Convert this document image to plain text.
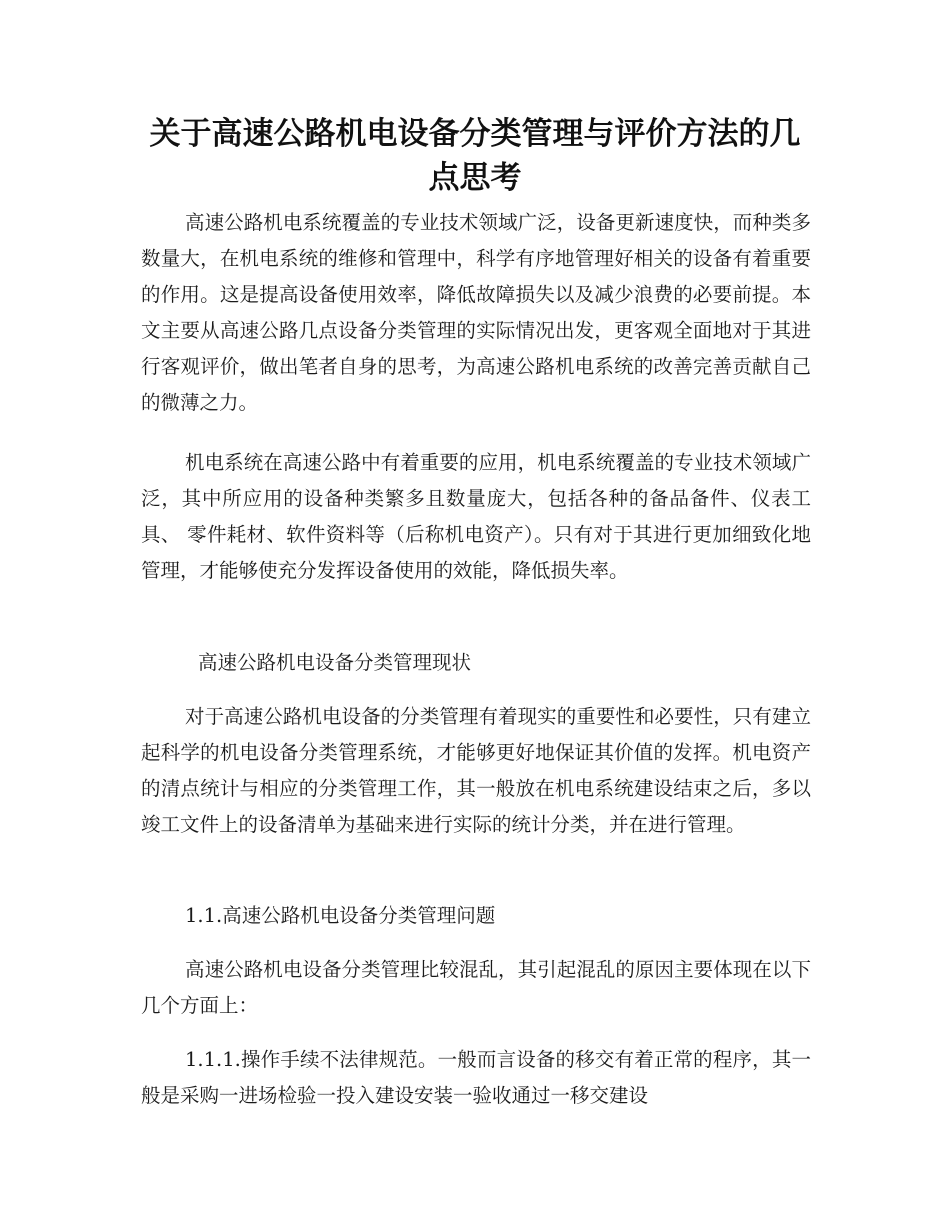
关于高速公路机电设备分类管理与评价方法的几点思考

高速公路机电系统覆盖的专业技术领域广泛，设备更新速度快，而种类多数量大，在机电系统的维修和管理中，科学有序地管理好相关的设备有着重要的作用。这是提高设备使用效率，降低故障损失以及减少浪费的必要前提。本文主要从高速公路几点设备分类管理的实际情况出发，更客观全面地对于其进行客观评价，做出笔者自身的思考，为高速公路机电系统的改善完善贡献自己的微薄之力。

机电系统在高速公路中有着重要的应用，机电系统覆盖的专业技术领域广泛，其中所应用的设备种类繁多且数量庞大，包括各种的备品备件、仪表工具、 零件耗材、软件资料等（后称机电资产）。只有对于其进行更加细致化地管理，才能够使充分发挥设备使用的效能，降低损失率。

高速公路机电设备分类管理现状

对于高速公路机电设备的分类管理有着现实的重要性和必要性，只有建立起科学的机电设备分类管理系统，才能够更好地保证其价值的发挥。机电资产的清点统计与相应的分类管理工作，其一般放在机电系统建设结束之后，多以竣工文件上的设备清单为基础来进行实际的统计分类，并在进行管理。

1.1.高速公路机电设备分类管理问题

高速公路机电设备分类管理比较混乱，其引起混乱的原因主要体现在以下几个方面上：

1.1.1.操作手续不法律规范。一般而言设备的移交有着正常的程序，其一般是采购一进场检验一投入建设安装一验收通过一移交建设
